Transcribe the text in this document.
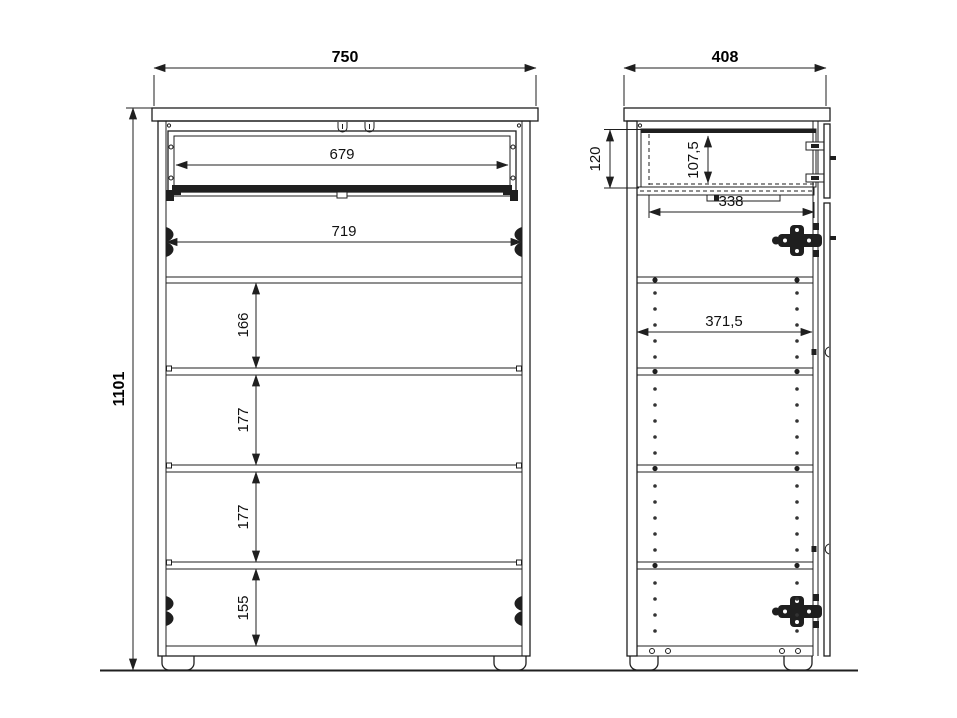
750
1101
679
719
166
177
177
155
408
120	107,5
338
371,5
